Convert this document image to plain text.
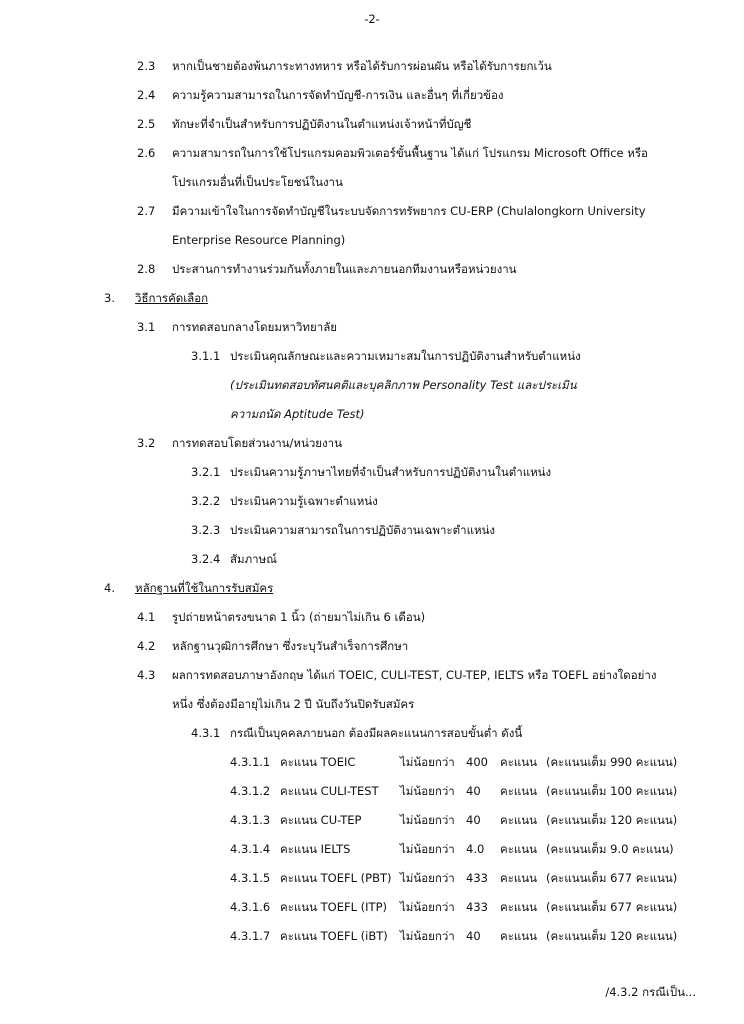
-2-
2.3 หากเป็นชายต้องพ้นภาระทางทหาร หรือได้รับการผ่อนผัน หรือได้รับการยกเว้น
2.4 ความรู้ความสามารถในการจัดทำบัญชี-การเงิน และอื่นๆ ที่เกี่ยวข้อง
2.5 ทักษะที่จำเป็นสำหรับการปฏิบัติงานในตำแหน่งเจ้าหน้าที่บัญชี
2.6 ความสามารถในการใช้โปรแกรมคอมพิวเตอร์ขั้นพื้นฐาน ได้แก่ โปรแกรม Microsoft Office หรือ
โปรแกรมอื่นที่เป็นประโยชน์ในงาน
2.7 มีความเข้าใจในการจัดทำบัญชีในระบบจัดการทรัพยากร CU-ERP (Chulalongkorn University
Enterprise Resource Planning)
2.8 ประสานการทำงานร่วมกันทั้งภายในและภายนอกทีมงานหรือหน่วยงาน
3. วิธีการคัดเลือก
3.1 การทดสอบกลางโดยมหาวิทยาลัย
3.1.1 ประเมินคุณลักษณะและความเหมาะสมในการปฏิบัติงานสำหรับตำแหน่ง
(ประเมินทดสอบทัศนคติและบุคลิกภาพ Personality Test และประเมิน
ความถนัด Aptitude Test)
3.2 การทดสอบโดยส่วนงาน/หน่วยงาน
3.2.1 ประเมินความรู้ภาษาไทยที่จำเป็นสำหรับการปฏิบัติงานในตำแหน่ง
3.2.2 ประเมินความรู้เฉพาะตำแหน่ง
3.2.3 ประเมินความสามารถในการปฏิบัติงานเฉพาะตำแหน่ง
3.2.4 สัมภาษณ์
4. หลักฐานที่ใช้ในการรับสมัคร
4.1 รูปถ่ายหน้าตรงขนาด 1 นิ้ว (ถ่ายมาไม่เกิน 6 เดือน)
4.2 หลักฐานวุฒิการศึกษา ซึ่งระบุวันสำเร็จการศึกษา
4.3 ผลการทดสอบภาษาอังกฤษ ได้แก่ TOEIC, CULI-TEST, CU-TEP, IELTS หรือ TOEFL อย่างใดอย่าง
หนึ่ง ซึ่งต้องมีอายุไม่เกิน 2 ปี นับถึงวันปิดรับสมัคร
4.3.1 กรณีเป็นบุคคลภายนอก ต้องมีผลคะแนนการสอบขั้นต่ำ ดังนี้
4.3.1.1 คะแนน TOEIC	ไม่น้อยกว่า 400 คะแนน (คะแนนเต็ม 990 คะแนน)
4.3.1.2 คะแนน CULI-TEST ไม่น้อยกว่า 40 คะแนน (คะแนนเต็ม 100 คะแนน)
4.3.1.3 คะแนน CU-TEP	ไม่น้อยกว่า 40 คะแนน (คะแนนเต็ม 120 คะแนน)
4.3.1.4 คะแนน IELTS	ไม่น้อยกว่า 4.0 คะแนน (คะแนนเต็ม 9.0 คะแนน)
4.3.1.5 คะแนน TOEFL (PBT) ไม่น้อยกว่า 433 คะแนน (คะแนนเต็ม 677 คะแนน)
4.3.1.6 คะแนน TOEFL (ITP) ไม่น้อยกว่า 433 คะแนน (คะแนนเต็ม 677 คะแนน)
4.3.1.7 คะแนน TOEFL (iBT) ไม่น้อยกว่า 40 คะแนน (คะแนนเต็ม 120 คะแนน)
/4.3.2 กรณีเป็น...
